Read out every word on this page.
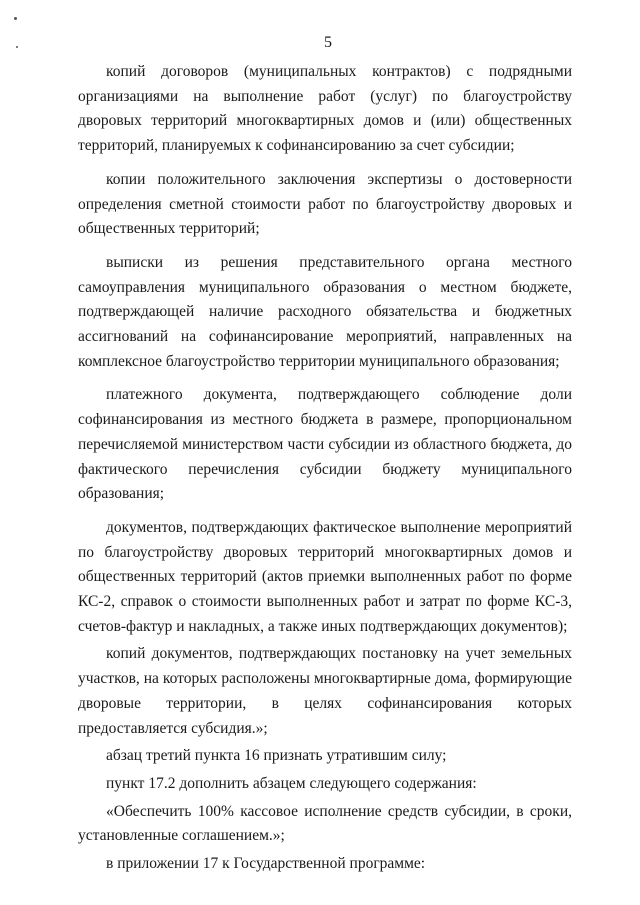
5

копий договоров (муниципальных контрактов) с подрядными организациями на выполнение работ (услуг) по благоустройству дворовых территорий многоквартирных домов и (или) общественных территорий, планируемых к софинансированию за счет субсидии;

копии положительного заключения экспертизы о достоверности определения сметной стоимости работ по благоустройству дворовых и общественных территорий;

выписки из решения представительного органа местного самоуправления муниципального образования о местном бюджете, подтверждающей наличие расходного обязательства и бюджетных ассигнований на софинансирование мероприятий, направленных на комплексное благоустройство территории муниципального образования;

платежного документа, подтверждающего соблюдение доли софинансирования из местного бюджета в размере, пропорциональном перечисляемой министерством части субсидии из областного бюджета, до фактического перечисления субсидии бюджету муниципального образования;

документов, подтверждающих фактическое выполнение мероприятий по благоустройству дворовых территорий многоквартирных домов и общественных территорий (актов приемки выполненных работ по форме КС-2, справок о стоимости выполненных работ и затрат по форме КС-3, счетов-фактур и накладных, а также иных подтверждающих документов);

копий документов, подтверждающих постановку на учет земельных участков, на которых расположены многоквартирные дома, формирующие дворовые территории, в целях софинансирования которых предоставляется субсидия.»;

абзац третий пункта 16 признать утратившим силу;

пункт 17.2 дополнить абзацем следующего содержания:

«Обеспечить 100% кассовое исполнение средств субсидии, в сроки, установленные соглашением.»;

в приложении 17 к Государственной программе:
